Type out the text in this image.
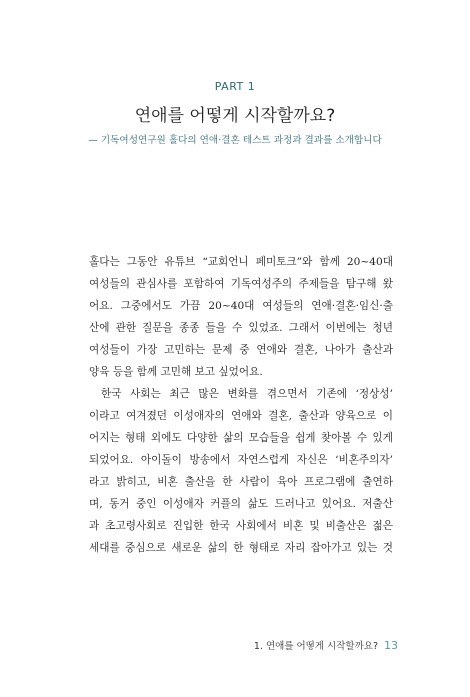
PART 1
연애를 어떻게 시작할까요?
— 기독여성연구원 홀다의 연애·결혼 테스트 과정과 결과를 소개합니다
홀다는 그동안 유튜브 “교회언니 페미토크”와 함께 20~40대
여성들의 관심사를 포함하여 기독여성주의 주제들을 탐구해 왔
어요. 그중에서도 가끔 20~40대 여성들의 연애·결혼·임신·출
산에 관한 질문을 종종 들을 수 있었죠. 그래서 이번에는 청년
여성들이 가장 고민하는 문제 중 연애와 결혼, 나아가 출산과
양육 등을 함께 고민해 보고 싶었어요.
한국 사회는 최근 많은 변화를 겪으면서 기존에 ‘정상성’
이라고 여겨졌던 이성애자의 연애와 결혼, 출산과 양육으로 이
어지는 형태 외에도 다양한 삶의 모습들을 쉽게 찾아볼 수 있게
되었어요. 아이돌이 방송에서 자연스럽게 자신은 ‘비혼주의자’
라고 밝히고, 비혼 출산을 한 사람이 육아 프로그램에 출연하
며, 동거 중인 이성애자 커플의 삶도 드러나고 있어요. 저출산
과 초고령사회로 진입한 한국 사회에서 비혼 및 비출산은 젊은
세대를 중심으로 새로운 삶의 한 형태로 자리 잡아가고 있는 것
1. 연애를 어떻게 시작할까요? 13
